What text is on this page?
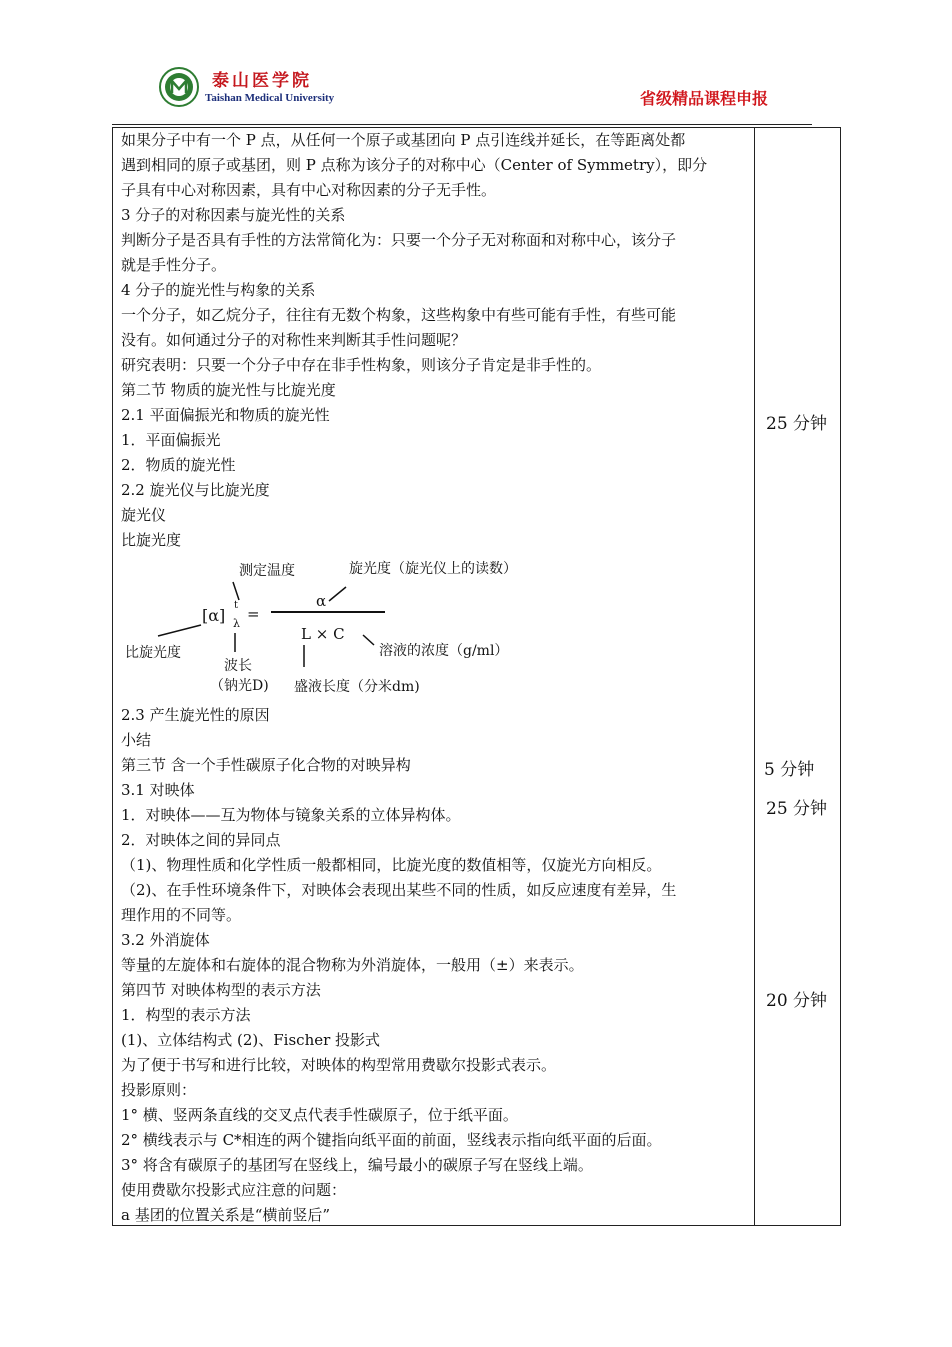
泰山医学院
Taishan Medical University	省级精品课程申报
如果分子中有一个 P 点，从任何一个原子或基团向 P 点引连线并延长，在等距离处都
遇到相同的原子或基团，则 P 点称为该分子的对称中心（Center of Symmetry），即分
子具有中心对称因素，具有中心对称因素的分子无手性。
3 分子的对称因素与旋光性的关系
判断分子是否具有手性的方法常简化为：只要一个分子无对称面和对称中心，该分子
就是手性分子。
4 分子的旋光性与构象的关系
一个分子，如乙烷分子，往往有无数个构象，这些构象中有些可能有手性，有些可能
没有。如何通过分子的对称性来判断其手性问题呢？
研究表明：只要一个分子中存在非手性构象，则该分子肯定是非手性的。
第二节 物质的旋光性与比旋光度
2.1 平面偏振光和物质的旋光性
1．平面偏振光
2．物质的旋光性
2.2 旋光仪与比旋光度
旋光仪
比旋光度
2.3 产生旋光性的原因
小结
第三节 含一个手性碳原子化合物的对映异构
3.1 对映体
1．对映体——互为物体与镜象关系的立体异构体。
2．对映体之间的异同点
（1)、物理性质和化学性质一般都相同，比旋光度的数值相等，仅旋光方向相反。
（2)、在手性环境条件下，对映体会表现出某些不同的性质，如反应速度有差异，生
理作用的不同等。
3.2 外消旋体
等量的左旋体和右旋体的混合物称为外消旋体，一般用（±）来表示。
第四节 对映体构型的表示方法
1．构型的表示方法
(1)、立体结构式 (2)、Fischer 投影式
为了便于书写和进行比较，对映体的构型常用费歇尔投影式表示。
投影原则：
1° 横、竖两条直线的交叉点代表手性碳原子，位于纸平面。
2° 横线表示与 C*相连的两个键指向纸平面的前面，竖线表示指向纸平面的后面。
3° 将含有碳原子的基团写在竖线上，编号最小的碳原子写在竖线上端。
使用费歇尔投影式应注意的问题：
a 基团的位置关系是“横前竖后”
测定温度	旋光度（旋光仪上的读数）
[α]
t
λ
=
α
L × C
比旋光度
波长
（钠光D)
溶液的浓度（g/ml）
盛液长度（分米dm)
25 分钟
5 分钟
25 分钟
20 分钟
